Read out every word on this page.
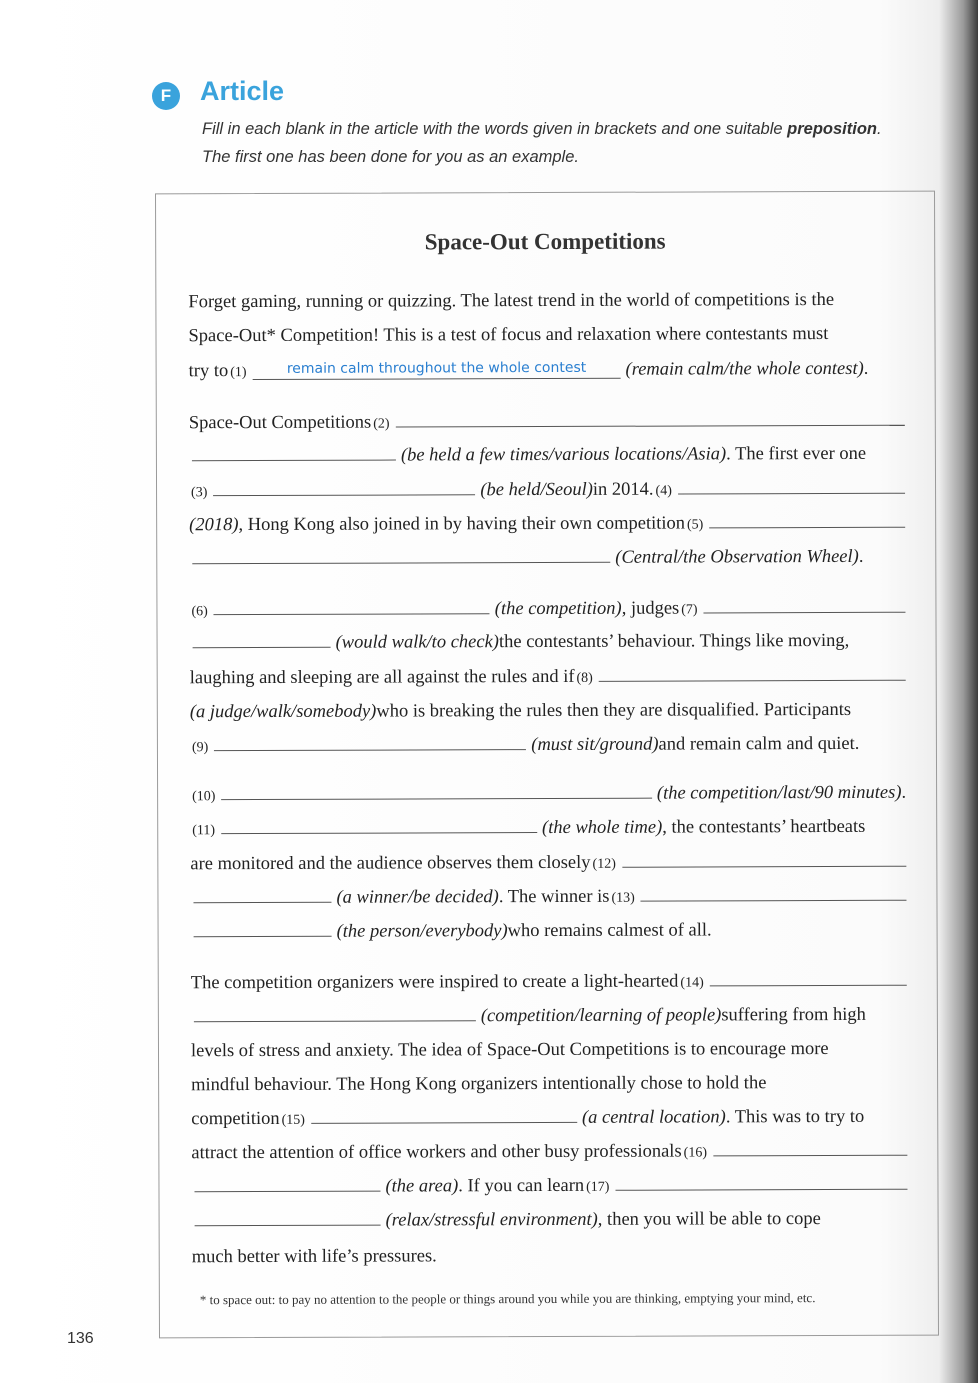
F	Article
Fill in each blank in the article with the words given in brackets and one suitable preposition.
The first one has been done for you as an example.
Space-Out Competitions
Forget gaming, running or quizzing. The latest trend in the world of competitions is the
Space-Out* Competition! This is a test of focus and relaxation where contestants must
try to (1)	remain calm throughout the whole contest	(remain calm/the whole contest) .
Space-Out Competitions (2)
(be held a few times/various locations/Asia) . The first ever one
(3)	(be held/Seoul) in 2014. (4)
(2018) , Hong Kong also joined in by having their own competition (5)
(Central/the Observation Wheel) .
(6)	(the competition) , judges (7)
(would walk/to check) the contestants’ behaviour. Things like moving,
laughing and sleeping are all against the rules and if (8)
(a judge/walk/somebody) who is breaking the rules then they are disqualified. Participants
(9)	(must sit/ground) and remain calm and quiet.
(10)	(the competition/last/90 minutes) .
(11)	(the whole time) , the contestants’ heartbeats
are monitored and the audience observes them closely (12)
(a winner/be decided) . The winner is (13)
(the person/everybody) who remains calmest of all.
The competition organizers were inspired to create a light-hearted (14)
(competition/learning of people) suffering from high
levels of stress and anxiety. The idea of Space-Out Competitions is to encourage more
mindful behaviour. The Hong Kong organizers intentionally chose to hold the
competition (15)	(a central location) . This was to try to
attract the attention of office workers and other busy professionals (16)
(the area) . If you can learn (17)
(relax/stressful environment) , then you will be able to cope
much better with life’s pressures.
* to space out: to pay no attention to the people or things around you while you are thinking, emptying your mind, etc.
136
